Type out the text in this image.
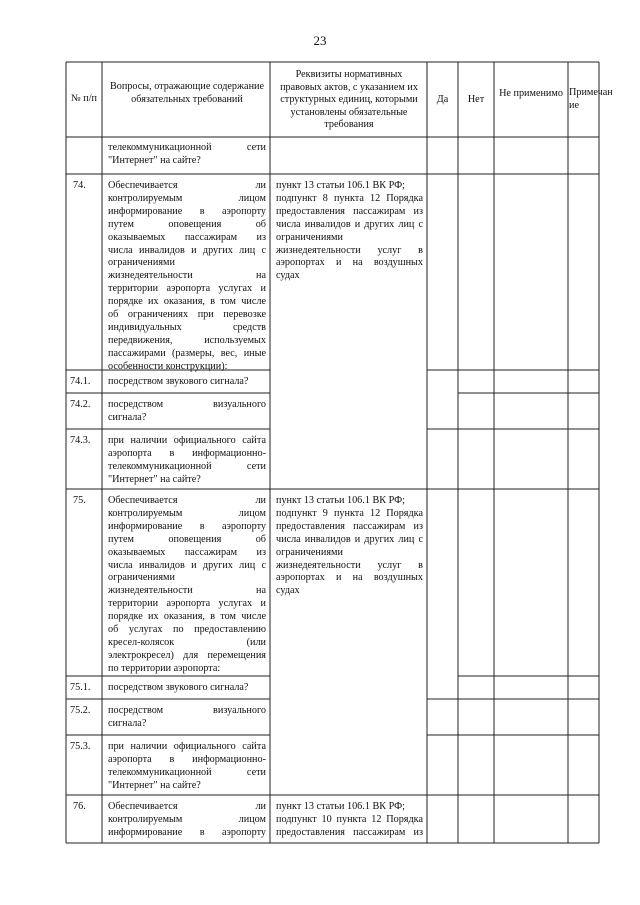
23
№ п/п
Вопросы, отражающие содержание обязательных требований
Реквизиты нормативных правовых актов, с указанием их структурных единиц, которыми установлены обязательные требования
Да	Нет
Не применимо Примечан
ие
телекоммуникационной сети
"Интернет" на сайте?
74. Обеспечивается ли
контролируемым лицом
информирование в аэропорту
путем оповещения об
оказываемых пассажирам из
числа инвалидов и других лиц с
ограничениями
жизнедеятельности на
территории аэропорта услугах и
порядке их оказания, в том числе
об ограничениях при перевозке
индивидуальных средств
передвижения, используемых
пассажирами (размеры, вес, иные
особенности конструкции):
пункт 13 статьи 106.1 ВК РФ;
подпункт 8 пункта 12 Порядка
предоставления пассажирам из
числа инвалидов и других лиц с
ограничениями
жизнедеятельности услуг в
аэропортах и на воздушных
судах
74.1. посредством звукового сигнала?
74.2. посредством визуального
сигнала?
74.3. при наличии официального сайта
аэропорта в информационно-
телекоммуникационной сети
"Интернет" на сайте?
75. Обеспечивается ли
контролируемым лицом
информирование в аэропорту
путем оповещения об
оказываемых пассажирам из
числа инвалидов и других лиц с
ограничениями
жизнедеятельности на
территории аэропорта услугах и
порядке их оказания, в том числе
об услугах по предоставлению
кресел-колясок (или
электрокресел) для перемещения
по территории аэропорта:
пункт 13 статьи 106.1 ВК РФ;
подпункт 9 пункта 12 Порядка
предоставления пассажирам из
числа инвалидов и других лиц с
ограничениями
жизнедеятельности услуг в
аэропортах и на воздушных
судах
75.1. посредством звукового сигнала?
75.2. посредством визуального
сигнала?
75.3. при наличии официального сайта
аэропорта в информационно-
телекоммуникационной сети
"Интернет" на сайте?
76. Обеспечивается ли
контролируемым лицом
информирование в аэропорту
пункт 13 статьи 106.1 ВК РФ;
подпункт 10 пункта 12 Порядка
предоставления пассажирам из
